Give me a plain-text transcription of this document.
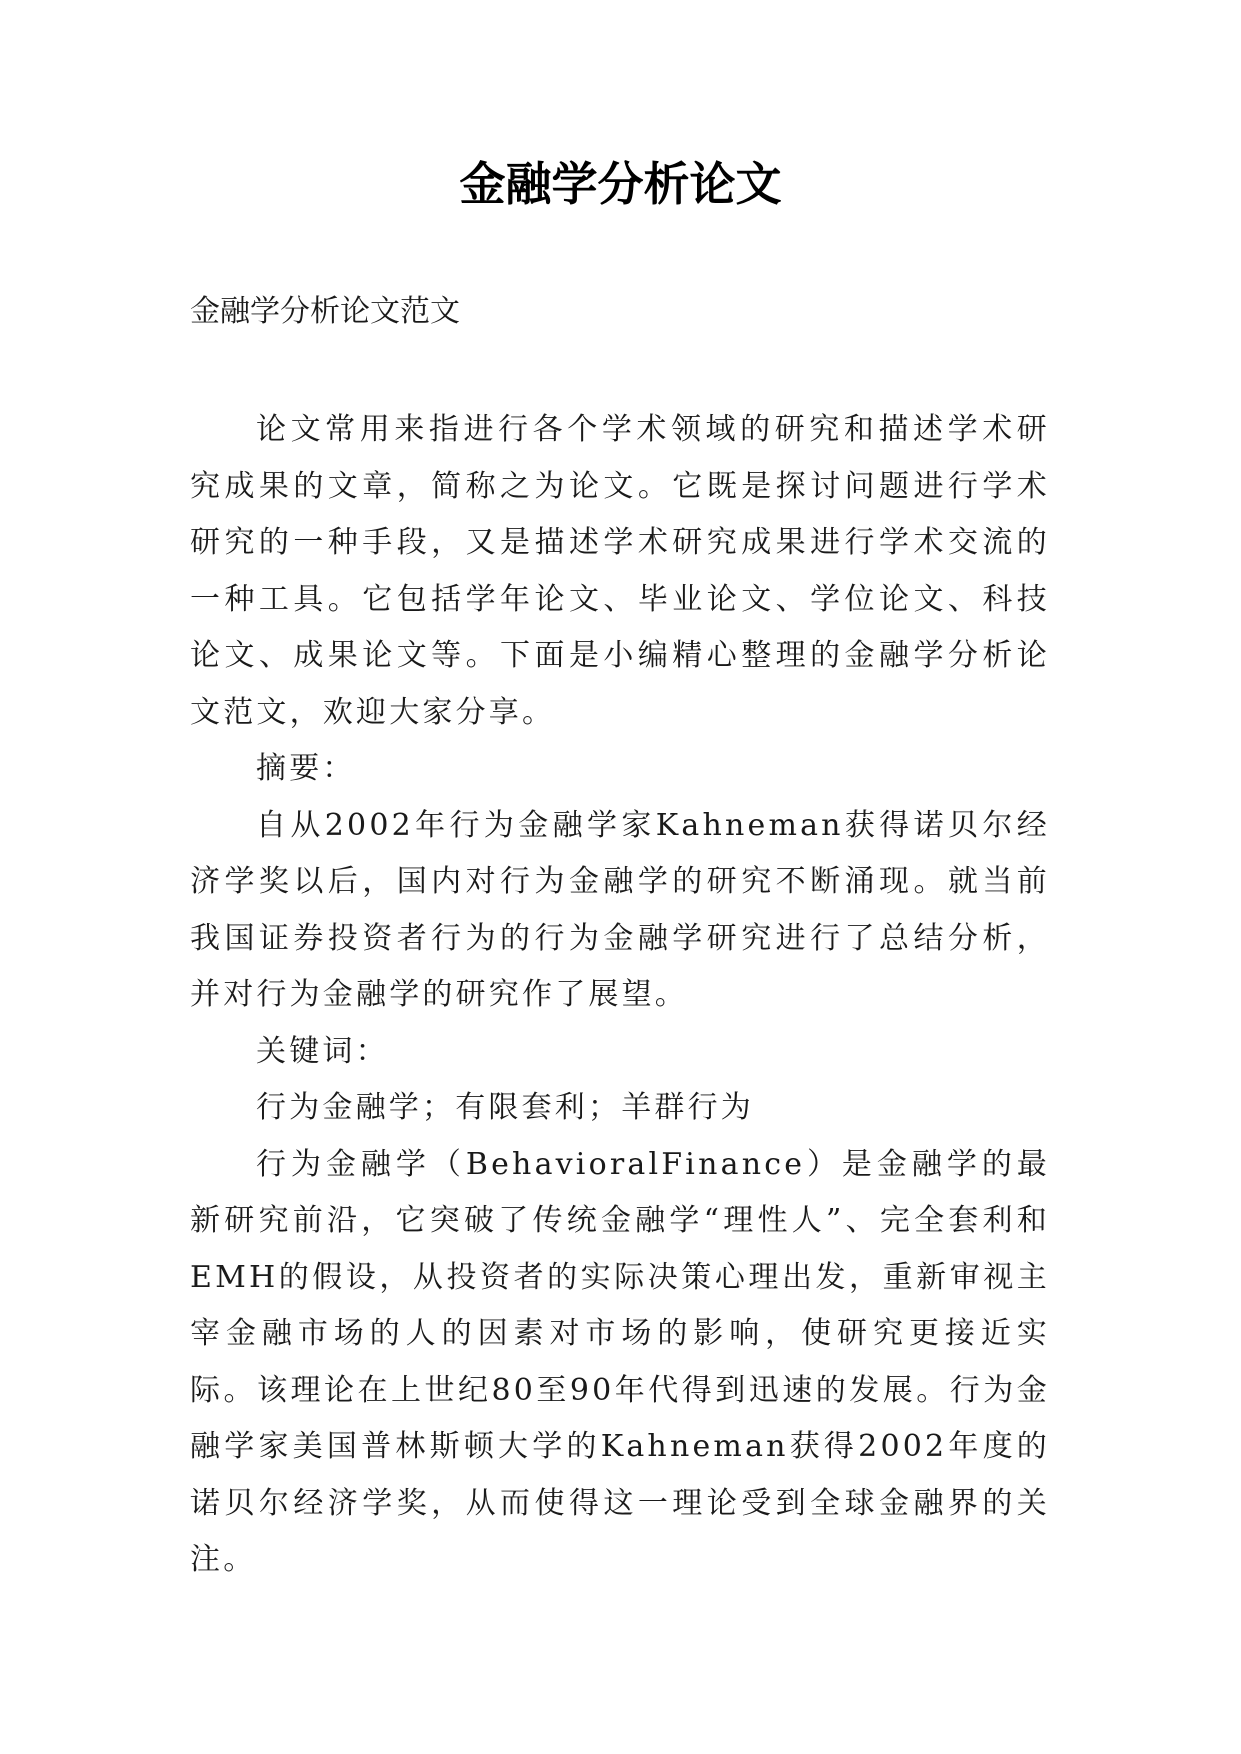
金融学分析论文
金融学分析论文范文

论文常用来指进行各个学术领域的研究和描述学术研究成果的文章，简称之为论文。它既是探讨问题进行学术研究的一种手段，又是描述学术研究成果进行学术交流的一种工具。它包括学年论文、毕业论文、学位论文、科技论文、成果论文等。下面是小编精心整理的金融学分析论文范文，欢迎大家分享。

摘要：

自从2002年行为金融学家Kahneman获得诺贝尔经济学奖以后，国内对行为金融学的研究不断涌现。就当前我国证券投资者行为的行为金融学研究进行了总结分析，并对行为金融学的研究作了展望。

关键词：

行为金融学；有限套利；羊群行为

行为金融学（BehavioralFinance）是金融学的最新研究前沿，它突破了传统金融学“理性人”、完全套利和EMH的假设，从投资者的实际决策心理出发，重新审视主宰金融市场的人的因素对市场的影响，使研究更接近实际。该理论在上世纪80至90年代得到迅速的发展。行为金融学家美国普林斯顿大学的Kahneman获得2002年度的诺贝尔经济学奖，从而使得这一理论受到全球金融界的关注。
